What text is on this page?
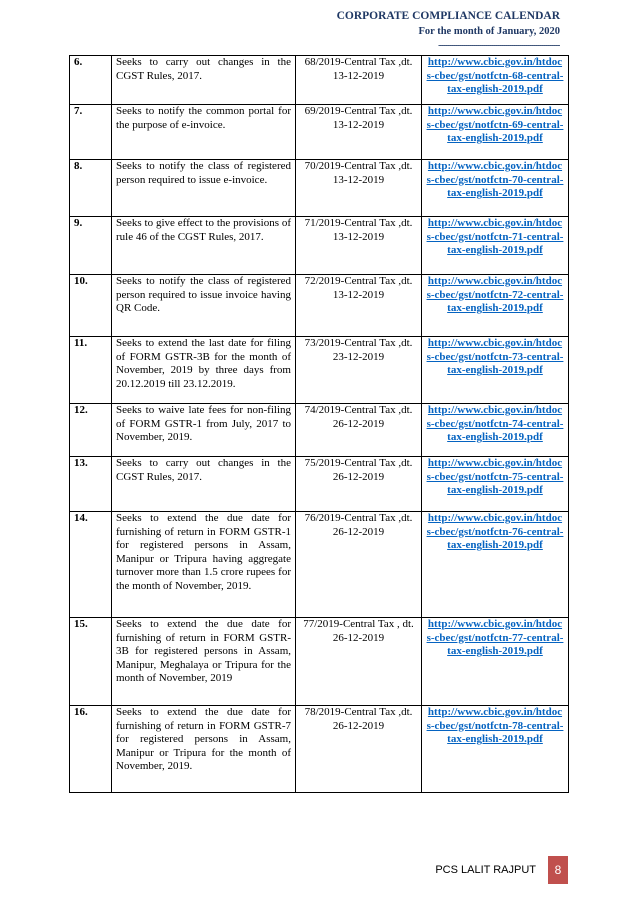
CORPORATE COMPLIANCE CALENDAR
For the month of January, 2020
-------------------------------------------------------------
6.	Seeks to carry out changes in the CGST Rules, 2017.	68/2019-Central Tax ,dt. 13-12-2019	http://www.cbic.gov.in/htdocs-cbec/gst/notfctn-68-central-tax-english-2019.pdf
7.	Seeks to notify the common portal for the purpose of e-invoice.	69/2019-Central Tax ,dt. 13-12-2019	http://www.cbic.gov.in/htdocs-cbec/gst/notfctn-69-central-tax-english-2019.pdf
8.	Seeks to notify the class of registered person required to issue e-invoice.	70/2019-Central Tax ,dt. 13-12-2019	http://www.cbic.gov.in/htdocs-cbec/gst/notfctn-70-central-tax-english-2019.pdf
9.	Seeks to give effect to the provisions of rule 46 of the CGST Rules, 2017.	71/2019-Central Tax ,dt. 13-12-2019	http://www.cbic.gov.in/htdocs-cbec/gst/notfctn-71-central-tax-english-2019.pdf
10.	Seeks to notify the class of registered person required to issue invoice having QR Code.	72/2019-Central Tax ,dt. 13-12-2019	http://www.cbic.gov.in/htdocs-cbec/gst/notfctn-72-central-tax-english-2019.pdf
11.	Seeks to extend the last date for filing of FORM GSTR-3B for the month of November, 2019 by three days from 20.12.2019 till 23.12.2019.	73/2019-Central Tax ,dt. 23-12-2019	http://www.cbic.gov.in/htdocs-cbec/gst/notfctn-73-central-tax-english-2019.pdf
12.	Seeks to waive late fees for non-filing of FORM GSTR-1 from July, 2017 to November, 2019.	74/2019-Central Tax ,dt. 26-12-2019	http://www.cbic.gov.in/htdocs-cbec/gst/notfctn-74-central-tax-english-2019.pdf
13.	Seeks to carry out changes in the CGST Rules, 2017.	75/2019-Central Tax ,dt. 26-12-2019	http://www.cbic.gov.in/htdocs-cbec/gst/notfctn-75-central-tax-english-2019.pdf
14.	Seeks to extend the due date for furnishing of return in FORM GSTR-1 for registered persons in Assam, Manipur or Tripura having aggregate turnover more than 1.5 crore rupees for the month of November, 2019.	76/2019-Central Tax ,dt. 26-12-2019	http://www.cbic.gov.in/htdocs-cbec/gst/notfctn-76-central-tax-english-2019.pdf
15.	Seeks to extend the due date for furnishing of return in FORM GSTR-3B for registered persons in Assam, Manipur, Meghalaya or Tripura for the month of November, 2019	77/2019-Central Tax , dt. 26-12-2019	http://www.cbic.gov.in/htdocs-cbec/gst/notfctn-77-central-tax-english-2019.pdf
16.	Seeks to extend the due date for furnishing of return in FORM GSTR-7 for registered persons in Assam, Manipur or Tripura for the month of November, 2019.	78/2019-Central Tax ,dt. 26-12-2019	http://www.cbic.gov.in/htdocs-cbec/gst/notfctn-78-central-tax-english-2019.pdf
PCS LALIT RAJPUT	8
